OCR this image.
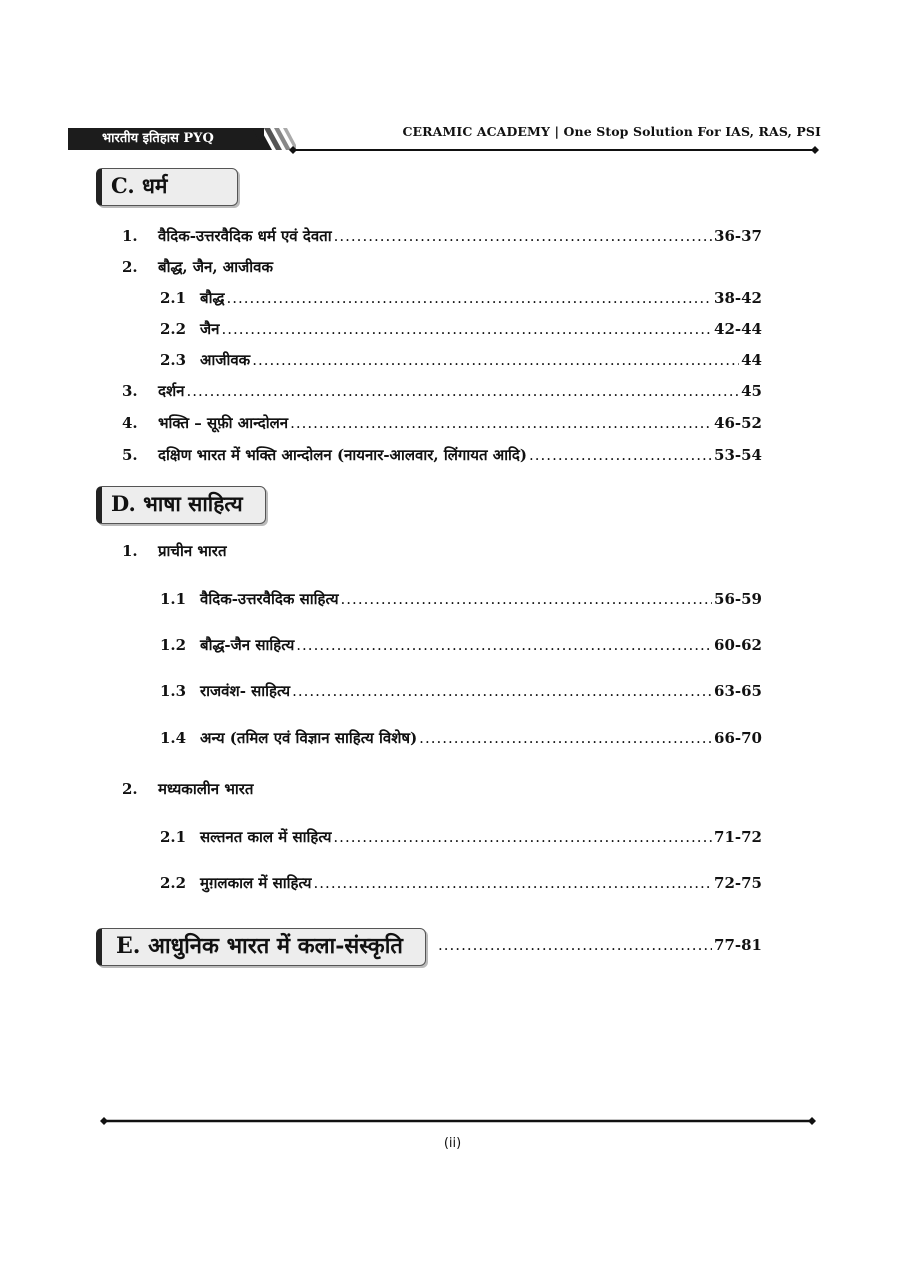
भारतीय इतिहास PYQ	CERAMIC ACADEMY | One Stop Solution For IAS, RAS, PSI
C. धर्म
1.	वैदिक-उत्तरवैदिक धर्म एवं देवता .....	36-37
2. बौद्ध, जैन, आजीवक
2.1 बौद्ध .....	38-42
2.2 जैन .....	42-44
2.3 आजीवक .....	44
3.	दर्शन .....	45
4.	भक्ति – सूफ़ी आन्दोलन .....	46-52
5.	दक्षिण भारत में भक्ति आन्दोलन (नायनार-आलवार, लिंगायत आदि) .....	53-54
D. भाषा साहित्य
1. प्राचीन भारत
1.1 वैदिक-उत्तरवैदिक साहित्य .....	56-59
1.2 बौद्ध-जैन साहित्य .....	60-62
1.3 राजवंश- साहित्य .....	63-65
1.4 अन्य (तमिल एवं विज्ञान साहित्य विशेष) .....	66-70
2. मध्यकालीन भारत
2.1 सल्तनत काल में साहित्य .....	71-72
2.2 मुग़लकाल में साहित्य .....	72-75
E. आधुनिक भारत में कला-संस्कृति .....	77-81
(ii)
